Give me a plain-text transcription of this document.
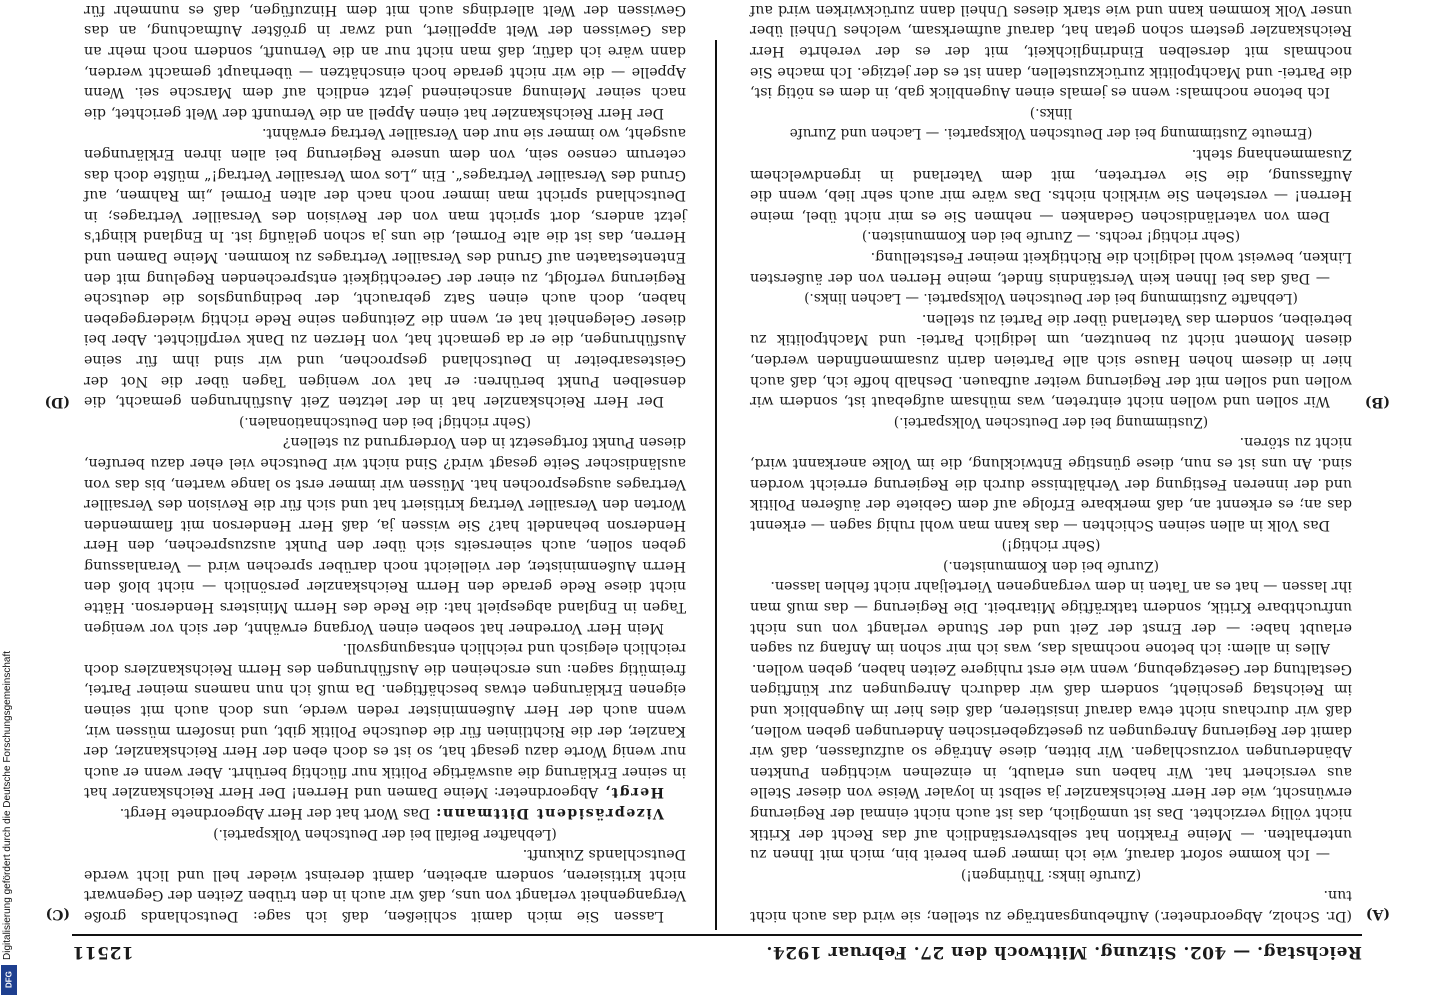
Reichstag. — 402. Sitzung. Mittwoch den 27. Februar 1924.
12511
(A)
(B)
(C)
(D)

(Dr. Scholz, Abgeordneter.) Aufhebungsanträge zu stellen; sie wird das auch nicht tun.

(Zurufe links: Thüringen!)

— Ich komme sofort darauf, wie ich immer gern bereit bin, mich mit Ihnen zu unterhalten. — Meine Fraktion hat selbstverständlich auf das Recht der Kritik nicht völlig verzichtet. Das ist unmöglich, das ist auch nicht einmal der Regierung erwünscht, wie der Herr Reichskanzler ja selbst in loyaler Weise von dieser Stelle aus versichert hat. Wir haben uns erlaubt, in einzelnen wichtigen Punkten Abänderungen vorzuschlagen. Wir bitten, diese Anträge so aufzufassen, daß wir damit der Regierung Anregungen zu gesetzgeberischen Änderungen geben wollen, daß wir durchaus nicht etwa darauf insistieren, daß dies hier im Augenblick und im Reichstag geschieht, sondern daß wir dadurch Anregungen zur künftigen Gestaltung der Gesetzgebung, wenn wie erst ruhigere Zeiten haben, geben wollen.

Alles in allem: ich betone nochmals das, was ich mir schon im Anfang zu sagen erlaubt habe: — der Ernst der Zeit und der Stunde verlangt von uns nicht unfruchtbare Kritik, sondern tatkräftige Mitarbeit. Die Regierung — das muß man ihr lassen — hat es an Taten in dem vergangenen Vierteljahr nicht fehlen lassen.

(Zurufe bei den Kommunisten.)

(Sehr richtig!)

Das Volk in allen seinen Schichten — das kann man wohl ruhig sagen — erkennt das an; es erkennt an, daß merkbare Erfolge auf dem Gebiete der äußeren Politik und der inneren Festigung der Verhältnisse durch die Regierung erreicht worden sind. An uns ist es nun, diese günstige Entwicklung, die im Volke anerkannt wird, nicht zu stören.

(Zustimmung bei der Deutschen Volkspartei.)

Wir sollen und wollen nicht eintreten, was mühsam aufgebaut ist, sondern wir wollen und sollen mit der Regierung weiter aufbauen. Deshalb hoffe ich, daß auch hier in diesem hohen Hause sich alle Parteien darin zusammenfinden werden, diesen Moment nicht zu benutzen, um lediglich Partei- und Machtpolitik zu betreiben, sondern das Vaterland über die Partei zu stellen.

(Lebhafte Zustimmung bei der Deutschen Volkspartei. — Lachen links.)

— Daß das bei Ihnen kein Verständnis findet, meine Herren von der äußersten Linken, beweist wohl lediglich die Richtigkeit meiner Feststellung.

(Sehr richtig! rechts. — Zurufe bei den Kommunisten.)

Dem von vaterländischen Gedanken — nehmen Sie es mir nicht übel, meine Herren! — verstehen Sie wirklich nichts. Das wäre mir auch sehr lieb, wenn die Auffassung, die Sie vertreten, mit dem Vaterland in irgendwelchem Zusammenhang steht.

(Erneute Zustimmung bei der Deutschen Volkspartei. — Lachen und Zurufe links.)

Ich betone nochmals: wenn es jemals einen Augenblick gab, in dem es nötig ist, die Partei- und Machtpolitik zurückzustellen, dann ist es der jetzige. Ich mache Sie nochmals mit derselben Eindringlichkeit, mit der es der verehrte Herr Reichskanzler gestern schon getan hat, darauf aufmerksam, welches Unheil über unser Volk kommen kann und wie stark dieses Unheil dann zurückwirken wird auf

Lassen Sie mich damit schließen, daß ich sage: Deutschlands große Vergangenheit verlangt von uns, daß wir auch in den trüben Zeiten der Gegenwart nicht kritisieren, sondern arbeiten, damit dereinst wieder hell und licht werde Deutschlands Zukunft.

(Lebhafter Beifall bei der Deutschen Volkspartei.)

Vizepräsident Dittmann: Das Wort hat der Herr Abgeordnete Hergt.

Hergt, Abgeordneter: Meine Damen und Herren! Der Herr Reichskanzler hat in seiner Erklärung die auswärtige Politik nur flüchtig berührt. Aber wenn er auch nur wenig Worte dazu gesagt hat, so ist es doch eben der Herr Reichskanzler, der Kanzler, der die Richtlinien für die deutsche Politik gibt, und insofern müssen wir, wenn auch der Herr Außenminister reden werde, uns doch auch mit seinen eigenen Erklärungen etwas beschäftigen. Da muß ich nun namens meiner Partei, freimütig sagen: uns erscheinen die Ausführungen des Herrn Reichskanzlers doch reichlich elegisch und reichlich entsagungsvoll.

Mein Herr Vorredner hat soeben einen Vorgang erwähnt, der sich vor wenigen Tagen in England abgespielt hat: die Rede des Herrn Ministers Henderson. Hätte nicht diese Rede gerade den Herrn Reichskanzler persönlich — nicht bloß den Herrn Außenminister, der vielleicht noch darüber sprechen wird — Veranlassung geben sollen, auch seinerseits sich über den Punkt auszusprechen, den Herr Henderson behandelt hat? Sie wissen ja, daß Herr Henderson mit flammenden Worten den Versailler Vertrag kritisiert hat und sich für die Revision des Versailler Vertrages ausgesprochen hat. Müssen wir immer erst so lange warten, bis das von ausländischer Seite gesagt wird? Sind nicht wir Deutsche viel eher dazu berufen, diesen Punkt fortgesetzt in den Vordergrund zu stellen?

(Sehr richtig! bei den Deutschnationalen.)

Der Herr Reichskanzler hat in der letzten Zeit Ausführungen gemacht, die denselben Punkt berühren: er hat vor wenigen Tagen über die Not der Geistesarbeiter in Deutschland gesprochen, und wir sind ihm für seine Ausführungen, die er da gemacht hat, von Herzen zu Dank verpflichtet. Aber bei dieser Gelegenheit hat er, wenn die Zeitungen seine Rede richtig wiedergegeben haben, doch auch einen Satz gebraucht, der bedingungslos die deutsche Regierung verfolgt, zu einer der Gerechtigkeit entsprechenden Regelung mit den Ententestaaten auf Grund des Versailler Vertrages zu kommen. Meine Damen und Herren, das ist die alte Formel, die uns ja schon geläufig ist. In England klingt's jetzt anders, dort spricht man von der Revision des Versailler Vertrages; in Deutschland spricht man immer noch nach der alten Formel „im Rahmen, auf Grund des Versailler Vertrages“. Ein „Los vom Versailler Vertrag!“ müßte doch das ceterum censeo sein, von dem unsere Regierung bei allen ihren Erklärungen ausgeht, wo immer sie nur den Versailler Vertrag erwähnt.

Der Herr Reichskanzler hat einen Appell an die Vernunft der Welt gerichtet, die nach seiner Meinung anscheinend jetzt endlich auf dem Marsche sei. Wenn Appelle — die wir nicht gerade hoch einschätzen — überhaupt gemacht werden, dann wäre ich dafür, daß man nicht nur an die Vernunft, sondern noch mehr an das Gewissen der Welt appelliert, und zwar in größter Aufmachung, an das Gewissen der Welt allerdings auch mit dem Hinzufügen, daß es nunmehr für

Digitalisierung gefördert durch die Deutsche Forschungsgemeinschaft
DFG
